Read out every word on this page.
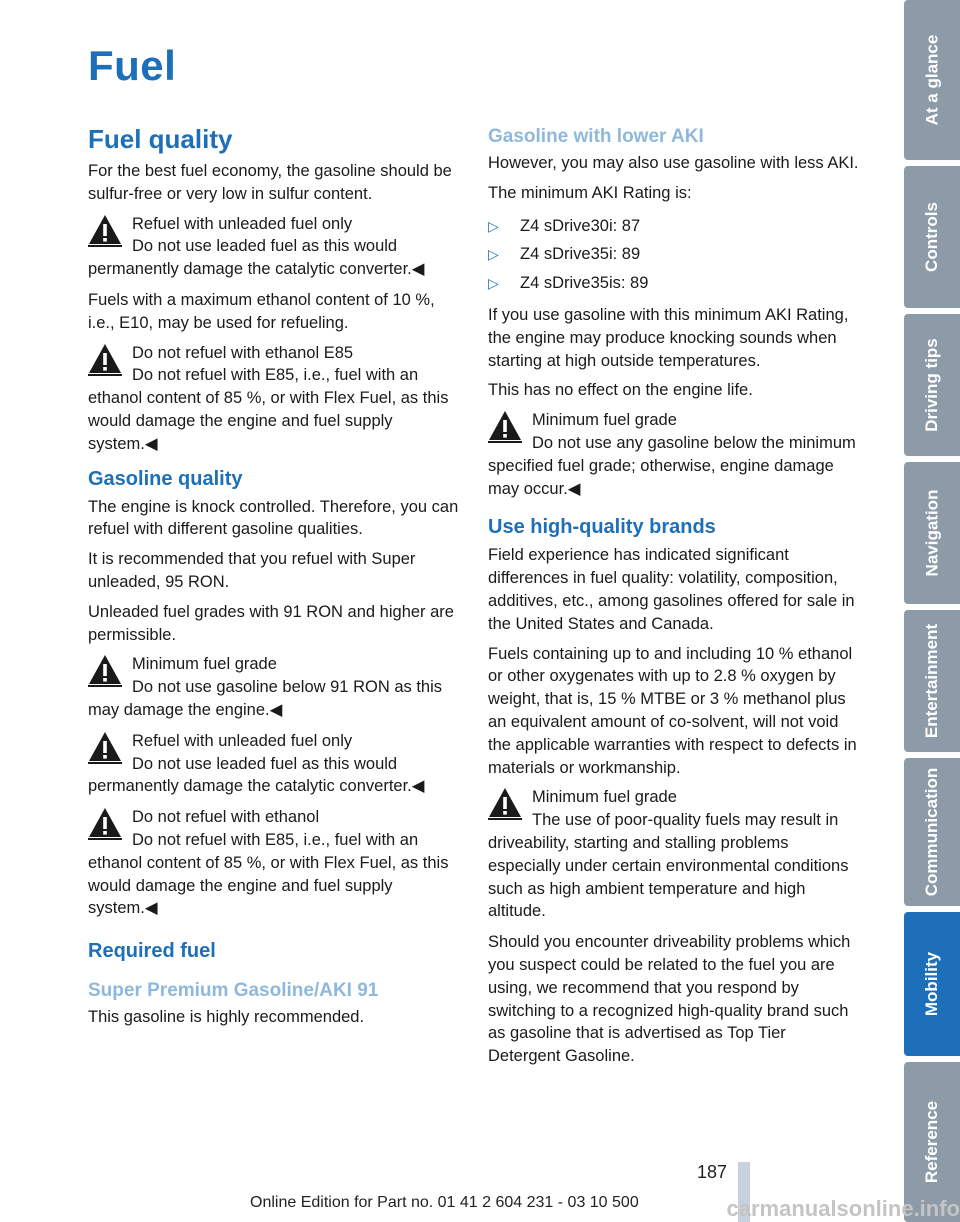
Fuel
Fuel quality

For the best fuel economy, the gasoline should be sulfur-free or very low in sulfur content.

Refuel with unleaded fuel only
Do not use leaded fuel as this would permanently damage the catalytic converter.◀

Fuels with a maximum ethanol content of 10 %, i.e., E10, may be used for refueling.

Do not refuel with ethanol E85
Do not refuel with E85, i.e., fuel with an ethanol content of 85 %, or with Flex Fuel, as this would damage the engine and fuel supply system.◀
Gasoline quality

The engine is knock controlled. Therefore, you can refuel with different gasoline qualities.

It is recommended that you refuel with Super unleaded, 95 RON.

Unleaded fuel grades with 91 RON and higher are permissible.

Minimum fuel grade
Do not use gasoline below 91 RON as this may damage the engine.◀
Refuel with unleaded fuel only
Do not use leaded fuel as this would permanently damage the catalytic converter.◀
Do not refuel with ethanol
Do not refuel with E85, i.e., fuel with an ethanol content of 85 %, or with Flex Fuel, as this would damage the engine and fuel supply system.◀
Required fuel
Super Premium Gasoline/AKI 91

This gasoline is highly recommended.

Gasoline with lower AKI

However, you may also use gasoline with less AKI.

The minimum AKI Rating is:

▷ Z4 sDrive30i: 87
▷ Z4 sDrive35i: 89
▷ Z4 sDrive35is: 89

If you use gasoline with this minimum AKI Rating, the engine may produce knocking sounds when starting at high outside temperatures.

This has no effect on the engine life.

Minimum fuel grade
Do not use any gasoline below the minimum specified fuel grade; otherwise, engine damage may occur.◀
Use high-quality brands

Field experience has indicated significant differences in fuel quality: volatility, composition, additives, etc., among gasolines offered for sale in the United States and Canada.

Fuels containing up to and including 10 % ethanol or other oxygenates with up to 2.8 % oxygen by weight, that is, 15 % MTBE or 3 % methanol plus an equivalent amount of co-solvent, will not void the applicable warranties with respect to defects in materials or workmanship.

Minimum fuel grade
The use of poor-quality fuels may result in driveability, starting and stalling problems especially under certain environmental conditions such as high ambient temperature and high altitude.

Should you encounter driveability problems which you suspect could be related to the fuel you are using, we recommend that you respond by switching to a recognized high-quality brand such as gasoline that is advertised as Top Tier Detergent Gasoline.

At a glance
Controls
Driving tips
Navigation
Entertainment
Communication
Mobility
Reference
187
Online Edition for Part no. 01 41 2 604 231 - 03 10 500	carmanualsonline.info
